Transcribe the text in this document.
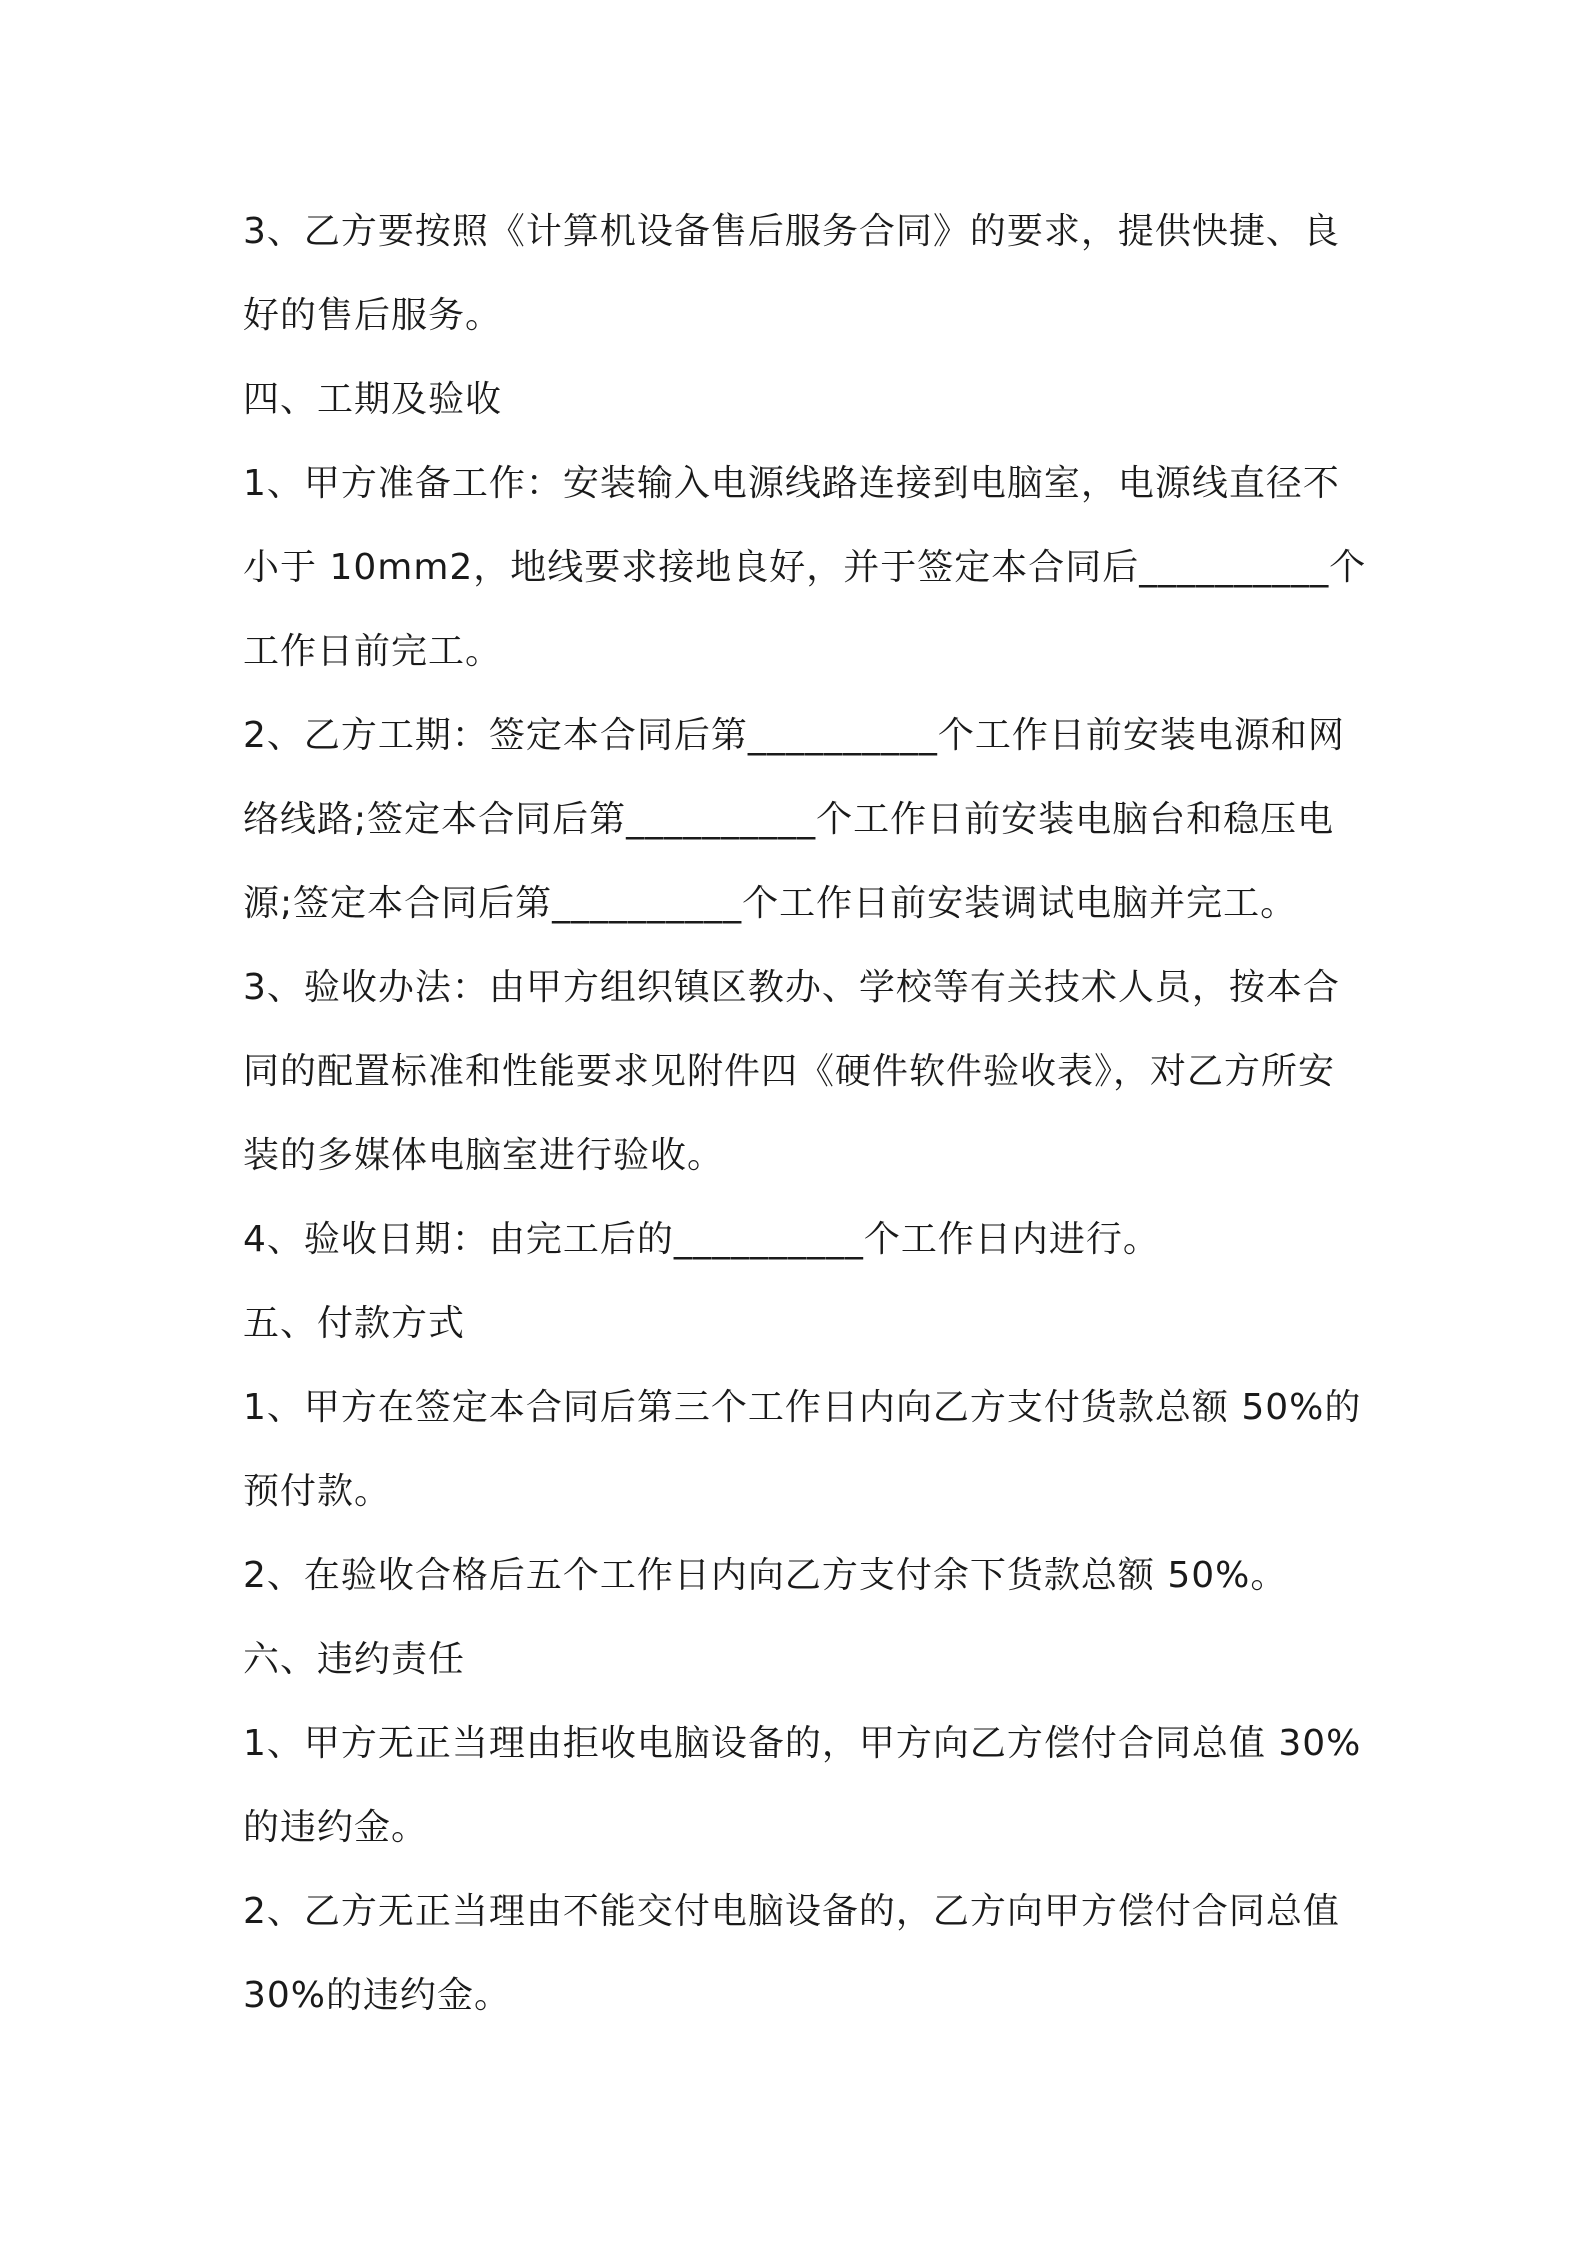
3、乙方要按照《计算机设备售后服务合同》的要求，提供快捷、良
好的售后服务。
四、工期及验收
1、甲方准备工作：安装输入电源线路连接到电脑室，电源线直径不
小于 10mm2，地线要求接地良好，并于签定本合同后__________个
工作日前完工。
2、乙方工期：签定本合同后第__________个工作日前安装电源和网
络线路;签定本合同后第__________个工作日前安装电脑台和稳压电
源;签定本合同后第__________个工作日前安装调试电脑并完工。
3、验收办法：由甲方组织镇区教办、学校等有关技术人员，按本合
同的配置标准和性能要求见附件四《硬件软件验收表》，对乙方所安
装的多媒体电脑室进行验收。
4、验收日期：由完工后的__________个工作日内进行。
五、付款方式
1、甲方在签定本合同后第三个工作日内向乙方支付货款总额 50%的
预付款。
2、在验收合格后五个工作日内向乙方支付余下货款总额 50%。
六、违约责任
1、甲方无正当理由拒收电脑设备的，甲方向乙方偿付合同总值 30%
的违约金。
2、乙方无正当理由不能交付电脑设备的，乙方向甲方偿付合同总值
30%的违约金。
